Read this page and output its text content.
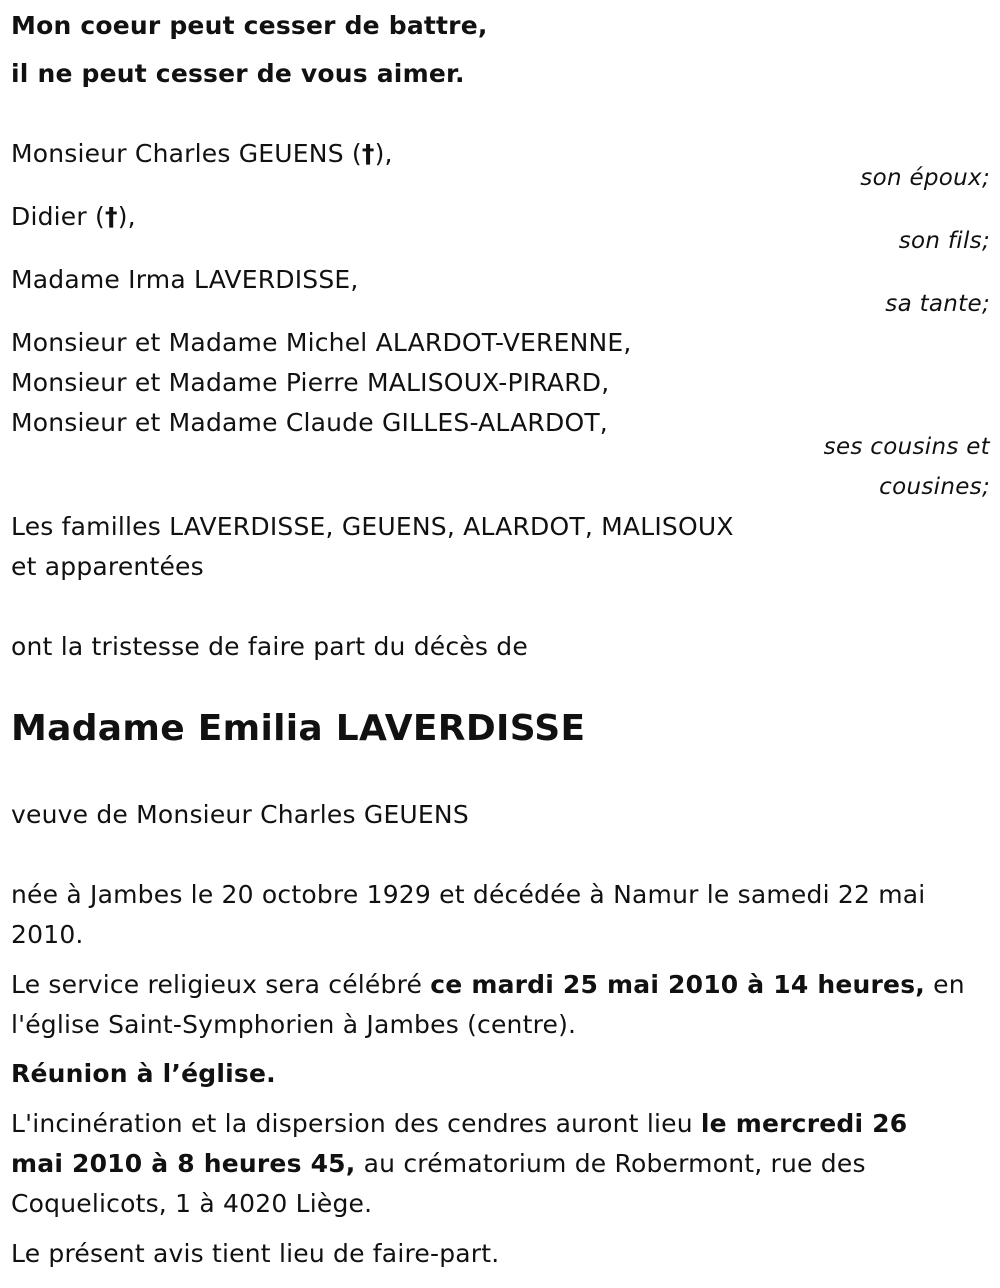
Mon coeur peut cesser de battre,
il ne peut cesser de vous aimer.
Monsieur Charles GEUENS (†),
son époux;
Didier (†),
son fils;
Madame Irma LAVERDISSE,
sa tante;
Monsieur et Madame Michel ALARDOT-VERENNE,
Monsieur et Madame Pierre MALISOUX-PIRARD,
Monsieur et Madame Claude GILLES-ALARDOT,
ses cousins et
cousines;
Les familles LAVERDISSE, GEUENS, ALARDOT, MALISOUX
et apparentées
ont la tristesse de faire part du décès de
Madame Emilia LAVERDISSE
veuve de Monsieur Charles GEUENS
née à Jambes le 20 octobre 1929 et décédée à Namur le samedi 22 mai
2010.
Le service religieux sera célébré ce mardi 25 mai 2010 à 14 heures, en
l'église Saint-Symphorien à Jambes (centre).
Réunion à l’église.
L'incinération et la dispersion des cendres auront lieu le mercredi 26
mai 2010 à 8 heures 45, au crématorium de Robermont, rue des
Coquelicots, 1 à 4020 Liège.
Le présent avis tient lieu de faire-part.
